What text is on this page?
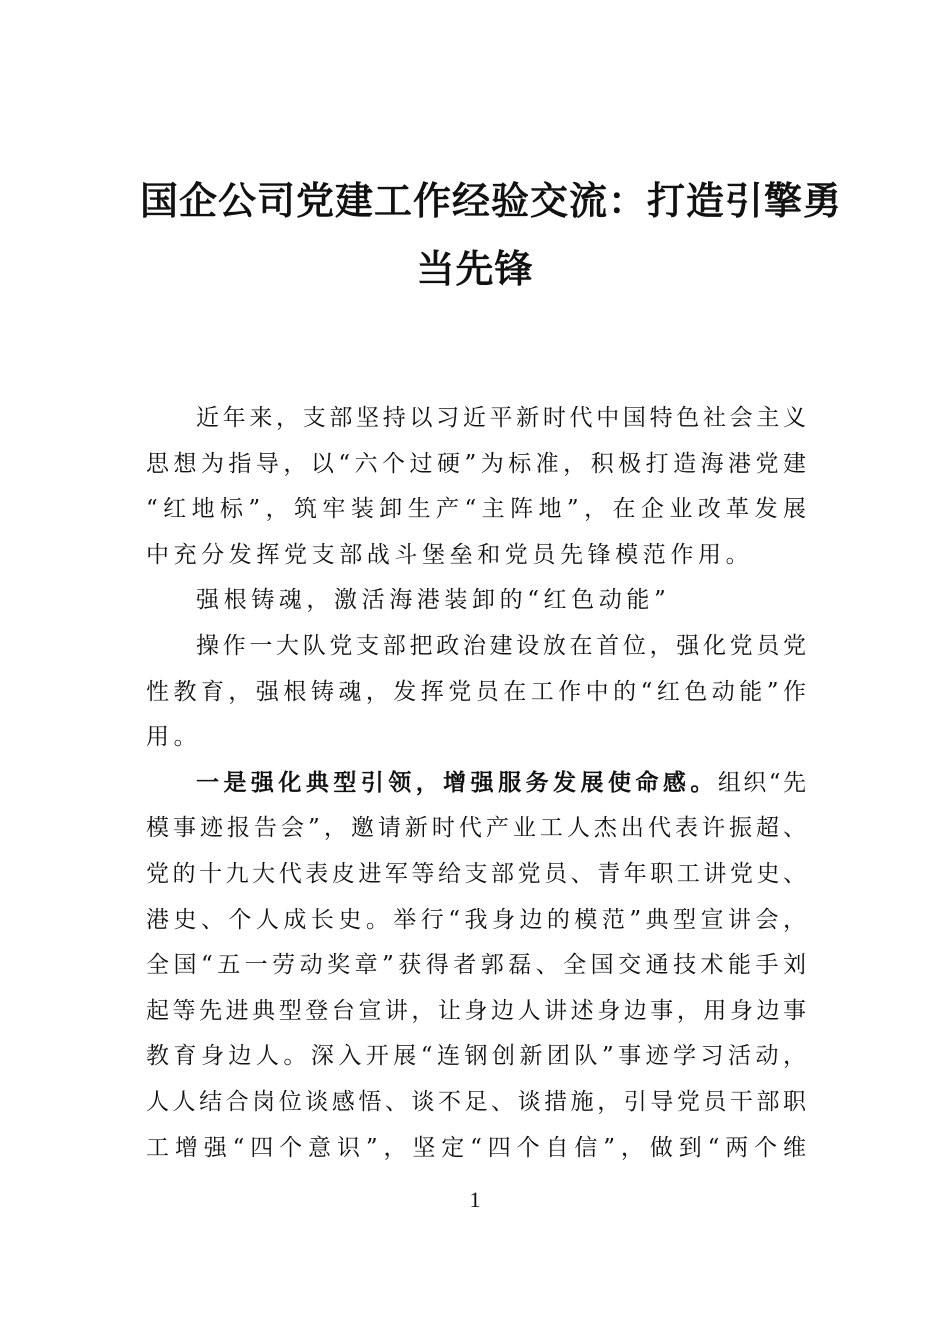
国企公司党建工作经验交流：打造引擎勇
当先锋
近年来，支部坚持以习近平新时代中国特色社会主义
思想为指导，以“六个过硬”为标准，积极打造海港党建
“红地标”，筑牢装卸生产“主阵地”，在企业改革发展
中充分发挥党支部战斗堡垒和党员先锋模范作用。
强根铸魂，激活海港装卸的“红色动能”
操作一大队党支部把政治建设放在首位，强化党员党
性教育，强根铸魂，发挥党员在工作中的“红色动能”作
用。
一是强化典型引领，增强服务发展使命感。组织“先
模事迹报告会”，邀请新时代产业工人杰出代表许振超、
党的十九大代表皮进军等给支部党员、青年职工讲党史、
港史、个人成长史。举行“我身边的模范”典型宣讲会，
全国“五一劳动奖章”获得者郭磊、全国交通技术能手刘
起等先进典型登台宣讲，让身边人讲述身边事，用身边事
教育身边人。深入开展“连钢创新团队”事迹学习活动，
人人结合岗位谈感悟、谈不足、谈措施，引导党员干部职
工增强“四个意识”，坚定“四个自信”，做到“两个维
1
